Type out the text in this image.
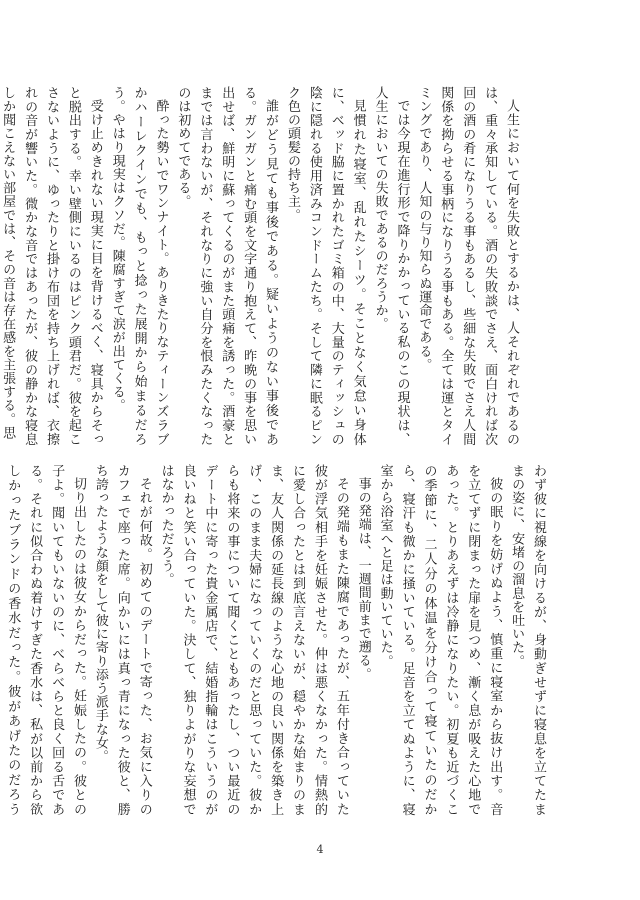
人生において何を失敗とするかは、人それぞれであるのは、重々承知している。酒の失敗談でさえ、面白ければ次回の酒の肴になりうる事もあるし、些細な失敗でさえ人間関係を拗らせる事柄になりうる事もある。全ては運とタイミングであり、人知の与り知らぬ運命である。

では今現在進行形で降りかかっている私のこの現状は、人生においての失敗であるのだろうか。

見慣れた寝室、乱れたシーツ。そことなく気怠い身体に、ベッド脇に置かれたゴミ箱の中、大量のティッシュの陰に隠れる使用済みコンドームたち。そして隣に眠るピンク色の頭髪の持ち主。

誰がどう見ても事後である。疑いようのない事後である。ガンガンと痛む頭を文字通り抱えて、昨晩の事を思い出せば、鮮明に蘇ってくるのがまた頭痛を誘った。酒豪とまでは言わないが、それなりに強い自分を恨みたくなったのは初めてである。

酔った勢いでワンナイト。ありきたりなティーンズラブかハーレクインでも、もっと捻った展開から始まるだろう。やはり現実はクソだ。陳腐すぎて涙が出てくる。

受け止めきれない現実に目を背けるべく、寝具からそっと脱出する。幸い壁側にいるのはピンク頭君だ。彼を起こさないように、ゆったりと掛け布団を持ち上げれば、衣擦れの音が響いた。微かな音ではあったが、彼の静かな寝息しか聞こえない部屋では、その音は存在感を主張する。思

わず彼に視線を向けるが、身動ぎせずに寝息を立てたままの姿に、安堵の溜息を吐いた。

彼の眠りを妨げぬよう、慎重に寝室から抜け出す。音を立てずに閉まった扉を見つめ、漸く息が吸えた心地であった。とりあえずは冷静になりたい。初夏も近づくこの季節に、二人分の体温を分け合って寝ていたのだから、寝汗も微かに掻いている。足音を立てぬように、寝室から浴室へと足は動いていた。

事の発端は、一週間前まで遡る。

その発端もまた陳腐であったが、五年付き合っていた彼が浮気相手を妊娠させた。仲は悪くなかった。情熱的に愛し合ったとは到底言えないが、穏やかな始まりのまま、友人関係の延長線のような心地の良い関係を築き上げ、このまま夫婦になっていくのだと思っていた。彼からも将来の事について聞くこともあったし、つい最近のデート中に寄った貴金属店で、結婚指輪はこういうのが良いねと笑い合っていた。決して、独りよがりな妄想ではなかっただろう。

それが何故。初めてのデートで寄った、お気に入りのカフェで座った席。向かいには真っ青になった彼と、勝ち誇ったような顔をして彼に寄り添う派手な女。

切り出したのは彼女からだった。妊娠したの。彼との子よ。聞いてもいないのに、べらべらと良く回る舌である。それに似合わぬ着けすぎた香水は、私が以前から欲しかったブランドの香水だった。彼があげたのだろう

4
